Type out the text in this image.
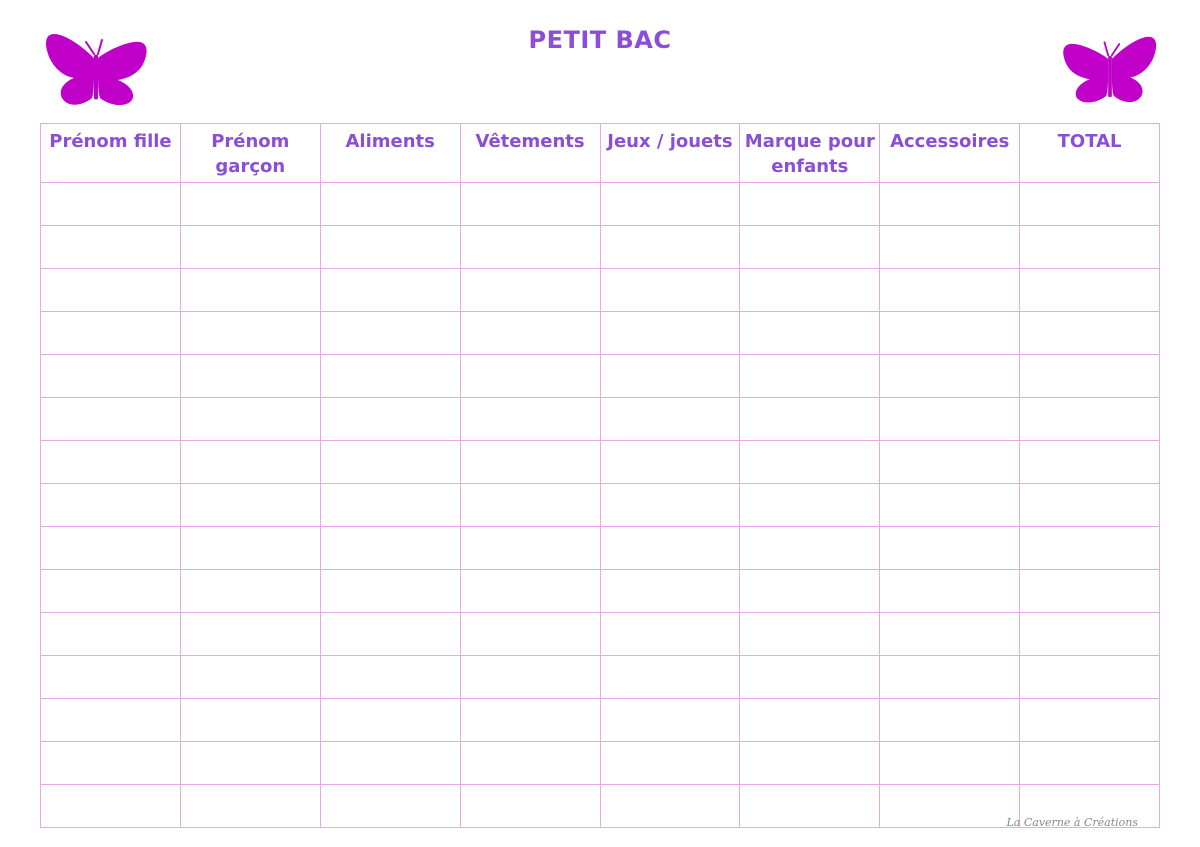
PETIT BAC
Prénom fille	Prénom garçon	Aliments	Vêtements	Jeux / jouets	Marque pour enfants	Accessoires	TOTAL

La Caverne à Créations
